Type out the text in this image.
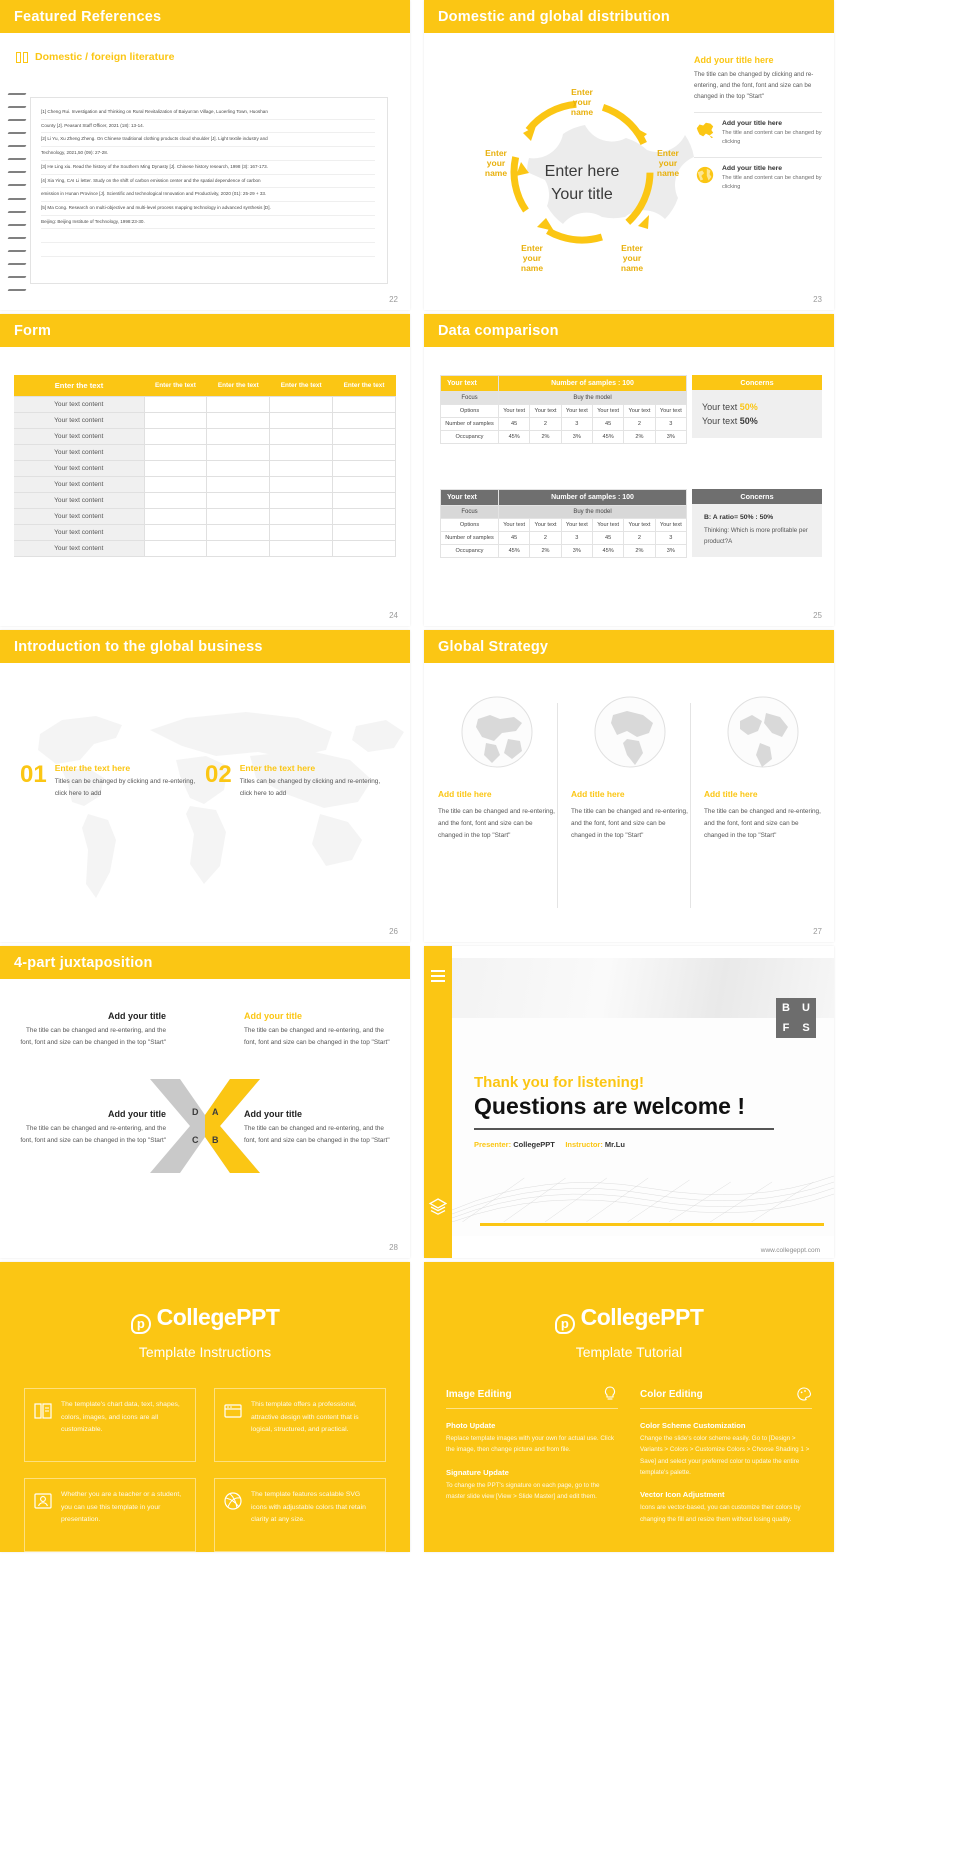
Featured References
Domestic / foreign literature
[1] Cheng Rui. Investigation and Thinking on Rural Revitalization of Baiyun'an Village, Luoerling Town, Huoshan
County [J]. Peasant Staff Officer, 2021 (18): 13-14.
[2] Li Yu, Xu Zheng Zheng. On Chinese traditional clothing products cloud shoulder [J]. Light textile industry and
Technology, 2021,50 (09): 27-28.
[3] He Ling xiu. Read the history of the Southern Ming Dynasty [J]. Chinese history research, 1998 (3): 167-173.
[4] Xia Ying, CAI Li letter. Study on the shift of carbon emission center and the spatial dependence of carbon
emission in Hunan Province [J]. Scientific and technological Innovation and Productivity, 2020 (01): 25-29 + 33.
[5] Ma Cong. Research on multi-objective and multi-level process mapping technology in advanced synthesis [D].
Beijing: Beijing Institute of Technology, 1998:23-30.

22
Domestic and global distribution
Enter
your
name
Enter
your
name
Enter
your
name
Enter
your
name
Enter
your
name
Enter here
Your title
Add your title here

The title can be changed by clicking and re-entering, and the font, font and size can be changed in the top "Start"

Add your title here

The title and content can be changed by clicking

Add your title here

The title and content can be changed by clicking

23
Form
Enter the text	Enter the text	Enter the text	Enter the text	Enter the text
Your text content				
Your text content				
Your text content				
Your text content				
Your text content				
Your text content				
Your text content				
Your text content				
Your text content				
Your text content				
24
Data comparison
Your text	Number of samples : 100					
Focus	Buy the model					
Options	Your text	Your text	Your text	Your text	Your text	Your text
Number of samples	45	2	3	45	2	3
Occupancy	45%	2%	3%	45%	2%	3%
Your text	Number of samples : 100					
Focus	Buy the model					
Options	Your text	Your text	Your text	Your text	Your text	Your text
Number of samples	45	2	3	45	2	3
Occupancy	45%	2%	3%	45%	2%	3%
Concerns
Your text 50%
Your text 50%
Concerns
B: A ratio= 50% : 50%
Thinking: Which is more profitable per product?A
25
Introduction to the global business
01 Enter the text here

Titles can be changed by clicking and re-entering, click here to add

02 Enter the text here

Titles can be changed by clicking and re-entering, click here to add

26
Global Strategy
Add title here

The title can be changed and re-entering, and the font, font and size can be changed in the top "Start"

Add title here

The title can be changed and re-entering, and the font, font and size can be changed in the top "Start"

Add title here

The title can be changed and re-entering, and the font, font and size can be changed in the top "Start"

27
4-part juxtaposition
D A
C B
Add your title

The title can be changed and re-entering, and the font, font and size can be changed in the top "Start"

Add your title

The title can be changed and re-entering, and the font, font and size can be changed in the top "Start"

Add your title

The title can be changed and re-entering, and the font, font and size can be changed in the top "Start"

Add your title

The title can be changed and re-entering, and the font, font and size can be changed in the top "Start"

28
B U
F S
Thank you for listening!
Questions are welcome !
Presenter: CollegePPT Instructor: Mr.Lu
www.collegeppt.com
p CollegePPT
Template Instructions

The template's chart data, text, shapes, colors, images, and icons are all customizable.

This template offers a professional, attractive design with content that is logical, structured, and practical.

Whether you are a teacher or a student, you can use this template in your presentation.

The template features scalable SVG icons with adjustable colors that retain clarity at any size.

p CollegePPT
Template Tutorial
Image Editing
Photo Update

Replace template images with your own for actual use. Click the image, then change picture and from file.

Signature Update

To change the PPT's signature on each page, go to the master slide view [View > Slide Master] and edit them.

Color Editing
Color Scheme Customization

Change the slide's color scheme easily. Go to [Design > Variants > Colors > Customize Colors > Choose Shading 1 > Save] and select your preferred color to update the entire template's palette.

Vector Icon Adjustment

Icons are vector-based, you can customize their colors by changing the fill and resize them without losing quality.
